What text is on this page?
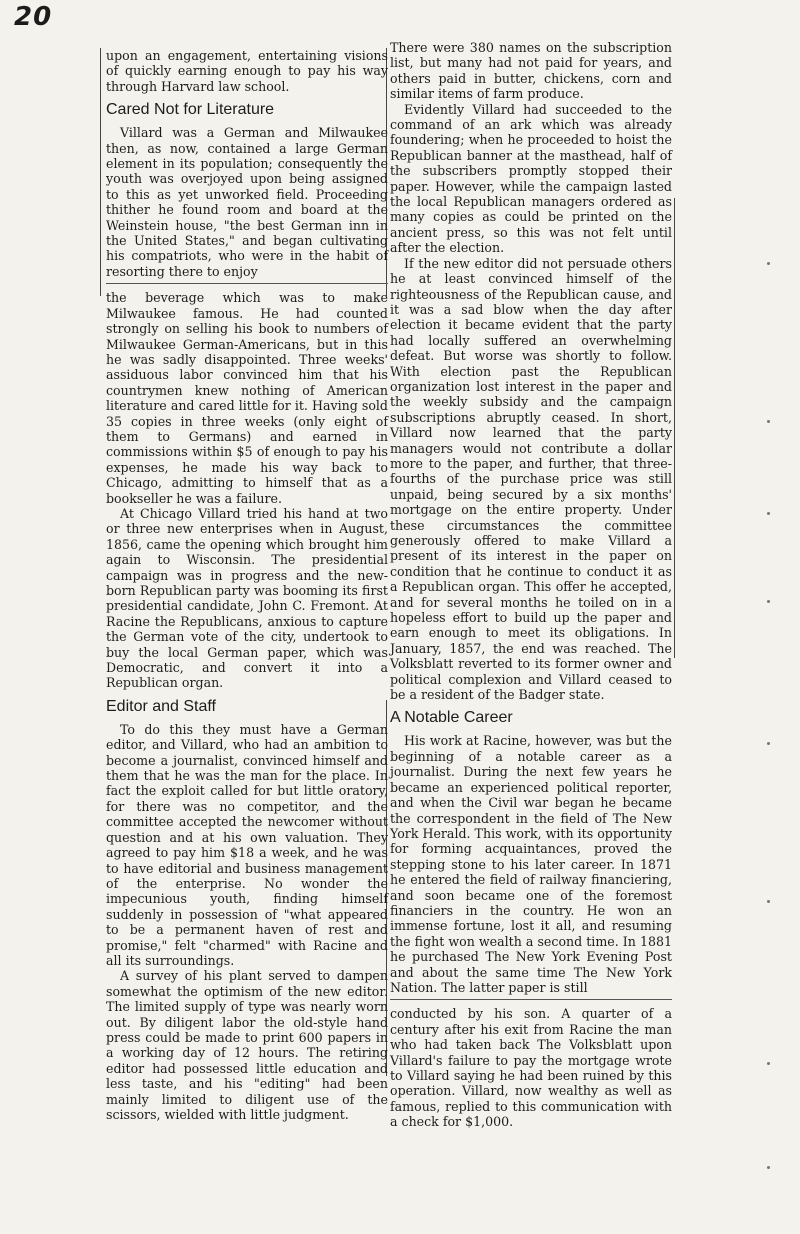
20

upon an engagement, entertaining visions of quickly earning enough to pay his way through Harvard law school.

Cared Not for Literature

Villard was a German and Milwaukee then, as now, contained a large German element in its population; consequently the youth was overjoyed upon being assigned to this as yet unworked field. Proceeding thither he found room and board at the Weinstein house, "the best German inn in the United States," and began cultivating his compatriots, who were in the habit of resorting there to enjoy

the beverage which was to make Milwaukee famous. He had counted strongly on selling his book to numbers of Milwaukee German-Americans, but in this he was sadly disappointed. Three weeks' assiduous labor convinced him that his countrymen knew nothing of American literature and cared little for it. Having sold 35 copies in three weeks (only eight of them to Germans) and earned in commissions within $5 of enough to pay his expenses, he made his way back to Chicago, admitting to himself that as a bookseller he was a failure.

At Chicago Villard tried his hand at two or three new enterprises when in August, 1856, came the opening which brought him again to Wisconsin. The presidential campaign was in progress and the new-born Republican party was booming its first presidential candidate, John C. Fremont. At Racine the Republicans, anxious to capture the German vote of the city, undertook to buy the local German paper, which was Democratic, and convert it into a Republican organ.

Editor and Staff

To do this they must have a German editor, and Villard, who had an ambition to become a journalist, convinced himself and them that he was the man for the place. In fact the exploit called for but little oratory, for there was no competitor, and the committee accepted the newcomer without question and at his own valuation. They agreed to pay him $18 a week, and he was to have editorial and business management of the enterprise. No wonder the impecunious youth, finding himself suddenly in possession of "what appeared to be a permanent haven of rest and promise," felt "charmed" with Racine and all its surroundings.

A survey of his plant served to dampen somewhat the optimism of the new editor. The limited supply of type was nearly worn out. By diligent labor the old-style hand press could be made to print 600 papers in a working day of 12 hours. The retiring editor had possessed little education and less taste, and his "editing" had been mainly limited to diligent use of the scissors, wielded with little judgment.

There were 380 names on the subscription list, but many had not paid for years, and others paid in butter, chickens, corn and similar items of farm produce.

Evidently Villard had succeeded to the command of an ark which was already foundering; when he proceeded to hoist the Republican banner at the masthead, half of the subscribers promptly stopped their paper. However, while the campaign lasted the local Republican managers ordered as many copies as could be printed on the ancient press, so this was not felt until after the election.

If the new editor did not persuade others he at least convinced himself of the righteousness of the Republican cause, and it was a sad blow when the day after election it became evident that the party had locally suffered an overwhelming defeat. But worse was shortly to follow. With election past the Republican organization lost interest in the paper and the weekly subsidy and the campaign subscriptions abruptly ceased. In short, Villard now learned that the party managers would not contribute a dollar more to the paper, and further, that three-fourths of the purchase price was still unpaid, being secured by a six months' mortgage on the entire property. Under these circumstances the committee generously offered to make Villard a present of its interest in the paper on condition that he continue to conduct it as a Republican organ. This offer he accepted, and for several months he toiled on in a hopeless effort to build up the paper and earn enough to meet its obligations. In January, 1857, the end was reached. The Volksblatt reverted to its former owner and political complexion and Villard ceased to be a resident of the Badger state.

A Notable Career

His work at Racine, however, was but the beginning of a notable career as a journalist. During the next few years he became an experienced political reporter, and when the Civil war began he became the correspondent in the field of The New York Herald. This work, with its opportunity for forming acquaintances, proved the stepping stone to his later career. In 1871 he entered the field of railway financiering, and soon became one of the foremost financiers in the country. He won an immense fortune, lost it all, and resuming the fight won wealth a second time. In 1881 he purchased The New York Evening Post and about the same time The New York Nation. The latter paper is still

conducted by his son. A quarter of a century after his exit from Racine the man who had taken back The Volksblatt upon Villard's failure to pay the mortgage wrote to Villard saying he had been ruined by this operation. Villard, now wealthy as well as famous, replied to this communication with a check for $1,000.
